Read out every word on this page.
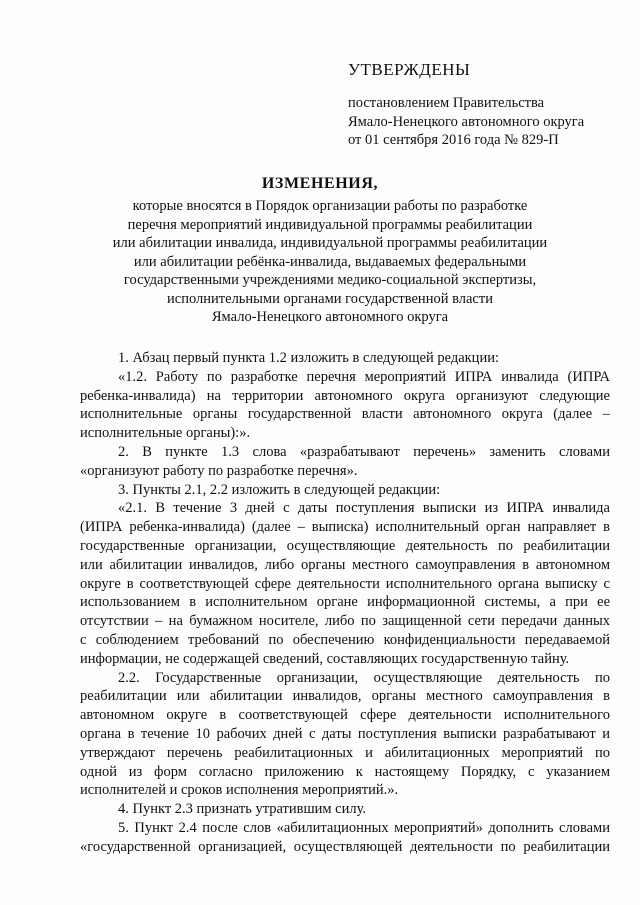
УТВЕРЖДЕНЫ

постановлением Правительства

Ямало-Ненецкого автономного округа

от 01 сентября 2016 года № 829-П

ИЗМЕНЕНИЯ,

которые вносятся в Порядок организации работы по разработке
перечня мероприятий индивидуальной программы реабилитации
или абилитации инвалида, индивидуальной программы реабилитации
или абилитации ребёнка-инвалида, выдаваемых федеральными
государственными учреждениями медико-социальной экспертизы,
исполнительными органами государственной власти
Ямало-Ненецкого автономного округа
1. Абзац первый пункта 1.2 изложить в следующей редакции:
«1.2. Работу по разработке перечня мероприятий ИПРА инвалида (ИПРА
ребенка-инвалида) на территории автономного округа организуют следующие
исполнительные органы государственной власти автономного округа (далее –
исполнительные органы):».
2. В пункте 1.3 слова «разрабатывают перечень» заменить словами
«организуют работу по разработке перечня».
3. Пункты 2.1, 2.2 изложить в следующей редакции:
«2.1. В течение 3 дней с даты поступления выписки из ИПРА инвалида
(ИПРА ребенка-инвалида) (далее – выписка) исполнительный орган направляет в
государственные организации, осуществляющие деятельность по реабилитации
или абилитации инвалидов, либо органы местного самоуправления в автономном
округе в соответствующей сфере деятельности исполнительного органа выписку с
использованием в исполнительном органе информационной системы, а при ее
отсутствии – на бумажном носителе, либо по защищенной сети передачи данных
с соблюдением требований по обеспечению конфиденциальности передаваемой
информации, не содержащей сведений, составляющих государственную тайну.
2.2. Государственные организации, осуществляющие деятельность по
реабилитации или абилитации инвалидов, органы местного самоуправления в
автономном округе в соответствующей сфере деятельности исполнительного
органа в течение 10 рабочих дней с даты поступления выписки разрабатывают и
утверждают перечень реабилитационных и абилитационных мероприятий по
одной из форм согласно приложению к настоящему Порядку, с указанием
исполнителей и сроков исполнения мероприятий.».
4. Пункт 2.3 признать утратившим силу.
5. Пункт 2.4 после слов «абилитационных мероприятий» дополнить словами
«государственной организацией, осуществляющей деятельности по реабилитации
